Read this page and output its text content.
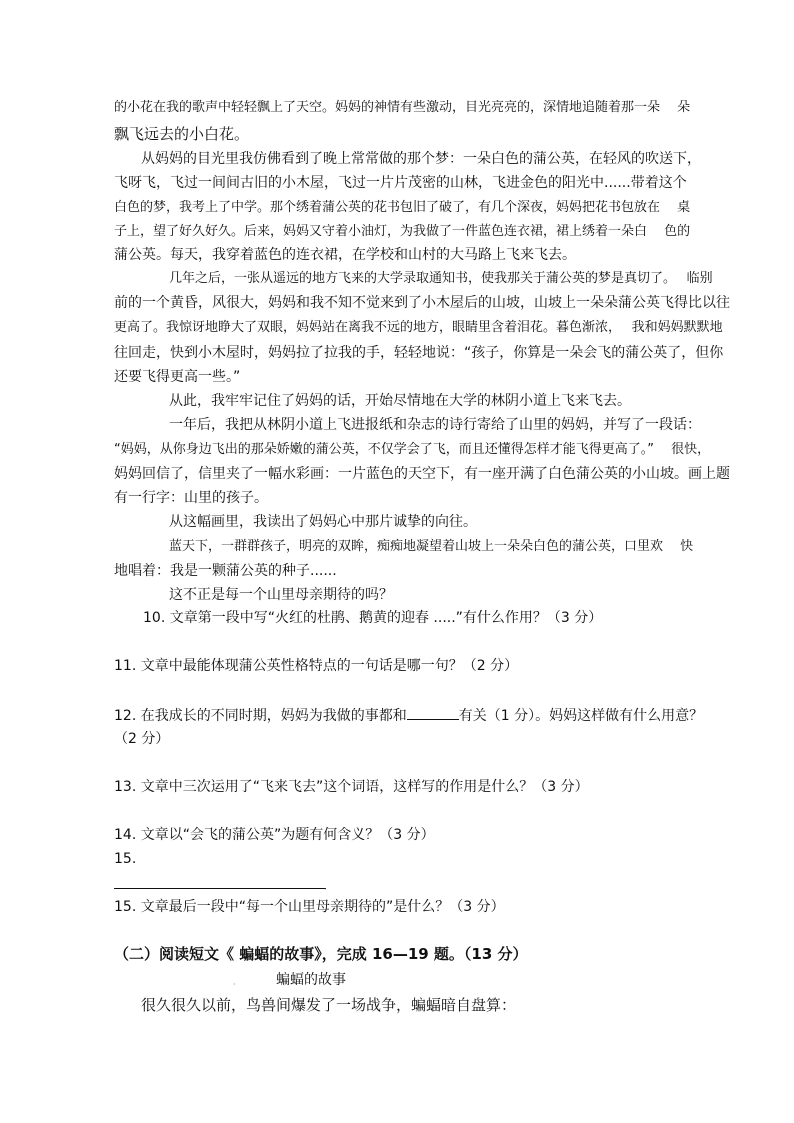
的小花在我的歌声中轻轻飘上了天空。妈妈的神情有些激动，目光亮亮的，深情地追随着那一朵　 朵
飘飞远去的小白花。
从妈妈的目光里我仿佛看到了晚上常常做的那个梦：一朵白色的蒲公英，在轻风的吹送下，
飞呀飞，飞过一间间古旧的小木屋，飞过一片片茂密的山林，飞进金色的阳光中......带着这个
白色的梦，我考上了中学。那个绣着蒲公英的花书包旧了破了，有几个深夜，妈妈把花书包放在　 桌
子上，望了好久好久。后来，妈妈又守着小油灯，为我做了一件蓝色连衣裙，裙上绣着一朵白　 色的
蒲公英。每天，我穿着蓝色的连衣裙，在学校和山村的大马路上飞来飞去。
几年之后，一张从遥远的地方飞来的大学录取通知书，使我那关于蒲公英的梦是真切了。　 临别
前的一个黄昏，风很大，妈妈和我不知不觉来到了小木屋后的山坡，山坡上一朵朵蒲公英飞得比以往
更高了。我惊讶地睁大了双眼，妈妈站在离我不远的地方，眼睛里含着泪花。暮色渐浓，　 我和妈妈默默地
往回走，快到小木屋时，妈妈拉了拉我的手，轻轻地说：“孩子，你算是一朵会飞的蒲公英了，但你
还要飞得更高一些。”
从此，我牢牢记住了妈妈的话，开始尽情地在大学的林阴小道上飞来飞去。
一年后，我把从林阴小道上飞进报纸和杂志的诗行寄给了山里的妈妈，并写了一段话：
“妈妈，从你身边飞出的那朵娇嫩的蒲公英，不仅学会了飞，而且还懂得怎样才能飞得更高了。”　 很快，
妈妈回信了，信里夹了一幅水彩画：一片蓝色的天空下，有一座开满了白色蒲公英的小山坡。画上题
有一行字：山里的孩子。
从这幅画里，我读出了妈妈心中那片诚挚的向往。
蓝天下，一群群孩子，明亮的双眸，痴痴地凝望着山坡上一朵朵白色的蒲公英，口里欢　 快
地唱着：我是一颗蒲公英的种子......
这不正是每一个山里母亲期待的吗？
10. 文章第一段中写“火红的杜鹃、鹅黄的迎春 .....”有什么作用？（3 分）
11. 文章中最能体现蒲公英性格特点的一句话是哪一句？（2 分）
12. 在我成长的不同时期，妈妈为我做的事都和	有关（1 分）。妈妈这样做有什么用意？
（2 分）
13. 文章中三次运用了“飞来飞去”这个词语，这样写的作用是什么？（3 分）
14. 文章以“会飞的蒲公英”为题有何含义？（3 分）
15.
·
15. 文章最后一段中“每一个山里母亲期待的”是什么？（3 分）
（二）阅读短文《 蝙蝠的故事》，完成 16—19 题。（13 分）
·	蝙蝠的故事
很久很久以前，鸟兽间爆发了一场战争，蝙蝠暗自盘算：
